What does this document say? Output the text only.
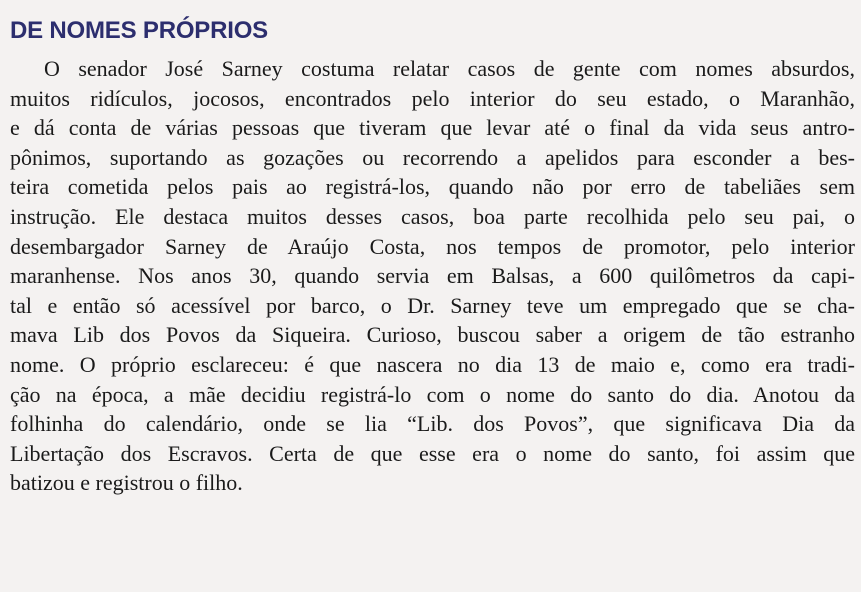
DE NOMES PRÓPRIOS
O senador José Sarney costuma relatar casos de gente com nomes absurdos,
muitos ridículos, jocosos, encontrados pelo interior do seu estado, o Maranhão,
e dá conta de várias pessoas que tiveram que levar até o final da vida seus antro-
pônimos, suportando as gozações ou recorrendo a apelidos para esconder a bes-
teira cometida pelos pais ao registrá-los, quando não por erro de tabeliães sem
instrução. Ele destaca muitos desses casos, boa parte recolhida pelo seu pai, o
desembargador Sarney de Araújo Costa, nos tempos de promotor, pelo interior
maranhense. Nos anos 30, quando servia em Balsas, a 600 quilômetros da capi-
tal e então só acessível por barco, o Dr. Sarney teve um empregado que se cha-
mava Lib dos Povos da Siqueira. Curioso, buscou saber a origem de tão estranho
nome. O próprio esclareceu: é que nascera no dia 13 de maio e, como era tradi-
ção na época, a mãe decidiu registrá-lo com o nome do santo do dia. Anotou da
folhinha do calendário, onde se lia “Lib. dos Povos”, que significava Dia da
Libertação dos Escravos. Certa de que esse era o nome do santo, foi assim que
batizou e registrou o filho.
